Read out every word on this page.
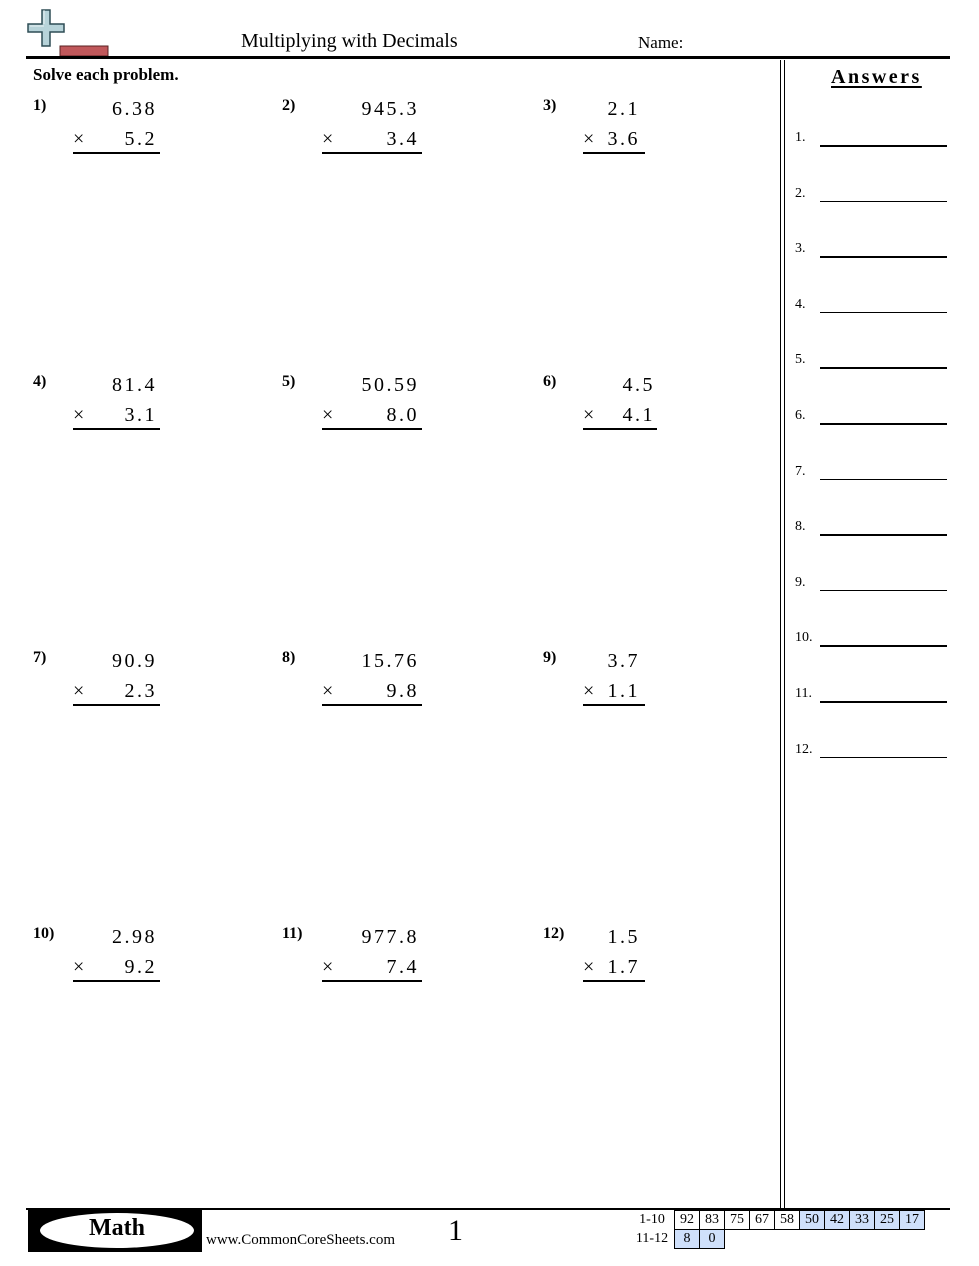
Multiplying with Decimals	Name:
Solve each problem.
1)	6.38
× 5.2
2)	945.3
×	3.4
3)	2.1
× 3.6
4)	81.4
× 3.1
5)	50.59
×	8.0
6)	4.5
× 4.1
7)	90.9
× 2.3
8)	15.76
×	9.8
9)	3.7
× 1.1
10)	2.98
× 9.2
11)	977.8
×	7.4
12) 1.5
× 1.7
Answers
1.
2.
3.
4.
5.
6.
7.
8.
9.
10.
11.
12.
Math	www.CommonCoreSheets.com 1	1-10	92	83	75	67	58	50	42	33	25	17
11-12	8	0								
